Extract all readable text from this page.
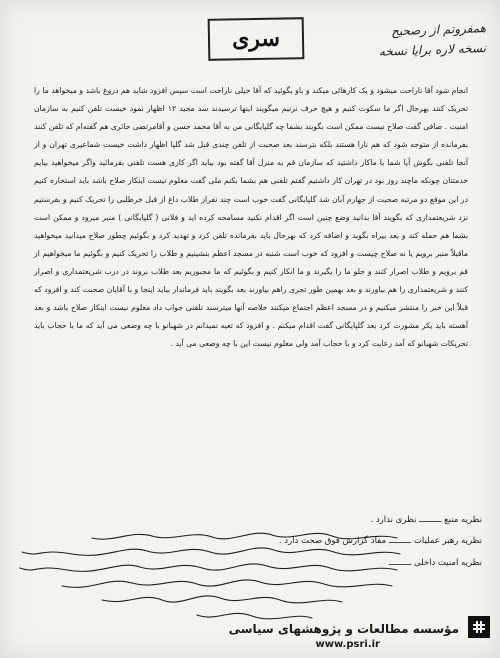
سری	همفروتم از رصحیح
نسخه لاره برایا نسخه

انجام شود آقا ناراحت میشود و یک کارهائی میکند و باو بگوئید که آقا خیلی ناراحت است سپس افزود شاید هم دروغ باشد و میخواهد ما را تحریک کنند بهرحال اگر ما سکوت کنیم و هیچ حرف نزنیم میگویند اینها ترسیدند سد مجید ۱۲ اظهار نمود خیست تلفن کنیم به سازمان امنیت . صافی گفت صلاح نیست ممکن است بگویند بشما چه گلپایگانی من به آقا محمد حسن و آقامرتضی حائری هم گفته‌ام که تلفن کنند بفرمانده از متوجه شود که هم نارا هستند بلکه بترسند بعد صحبت از تلفن چندی قبل شد گلپا اظهار داشت خیست شماعیری تهران و از آنجا تلفنی بگوش آیا شما با ماکار داشتید که سازمان قم به منزل آقا گفته بود بیاید اگر کاری هست تلفنی بفرمائید واگر میخواهید بیایم خدمتتان چونکه ماچند روز بود در تهران کار داشتیم گفتم تلفنی هم بشما بکنم ملی گفت معلوم نیست اینکار صلاح باشد باید استخاره کنیم در این موقع دو مرتبه صحبت از جهارم آبان شد گلپایگانی گفت خوب است چند نفراز طلاب داغ از قبل خرطلبی را تحریک کنیم و بفرستیم نزد شریعتمداری که بگویند آقا بدانید وضع چنین است اگر اقدام نکنید مسامحه کرده اید و فلانی ( گلپایگانی ) منبر میرود و ممکن است بشما هم حمله کند و بعد بیراه بگوید و اضافه کرد که بهرحال باید بفرمانده تلفن کرد و تهدید کرد و بگوئیم چطور صلاح میدانید میخواهید ماقبلاً منبر برویم یا نه صلاح چیست و افزود که خوب است شنبه در مسجد اعظم بنشینیم و طلاب را تحریک کنیم و بگوئیم ما میخواهیم از قم برویم و طلاب اصرار کنند و جلو ما را بگیرند و ما انکار کنیم و بگوئیم که ما مجبوریم بعد طلاب بروند در درب شریعتمداری و اصرار کنند و شریعتمداری را هم بیاورند و بعد بهمین طور تجری راهم بیاورند بعد بگویند باید فرماندار بیاید اینجا و با آقایان صحبت کند و افزود که قبلاً این خبر را منتشر میکنیم و در مسجد اعظم اجتماع میکنند خلاصه آنها میترسند تلفنی جواب داد معلوم نیست اینکار صلاح باشد و بعد آهسته باید یکر مشورت کرد بعد گلپایگانی گفت اقدام میکنم . و افزود که تعیه نمیدانم در شهبانو با چه وضعی می آید که ما با حجاب باید تحریکات شهبانو که آمد رعایت کرد و با حجاب آمد ولی معلوم نیست این با چه وضعی می آید .

نظریه منبع ـــــــــ نظری ندارد .
نظریه رهبر عملیات ـــــــــ مفاد گزارش فوق صحت دارد .
نظریه امنیت داخلی ـــــــــ
مؤسسه مطالعات و پژوهشهای سیاسی
www.psri.ir
